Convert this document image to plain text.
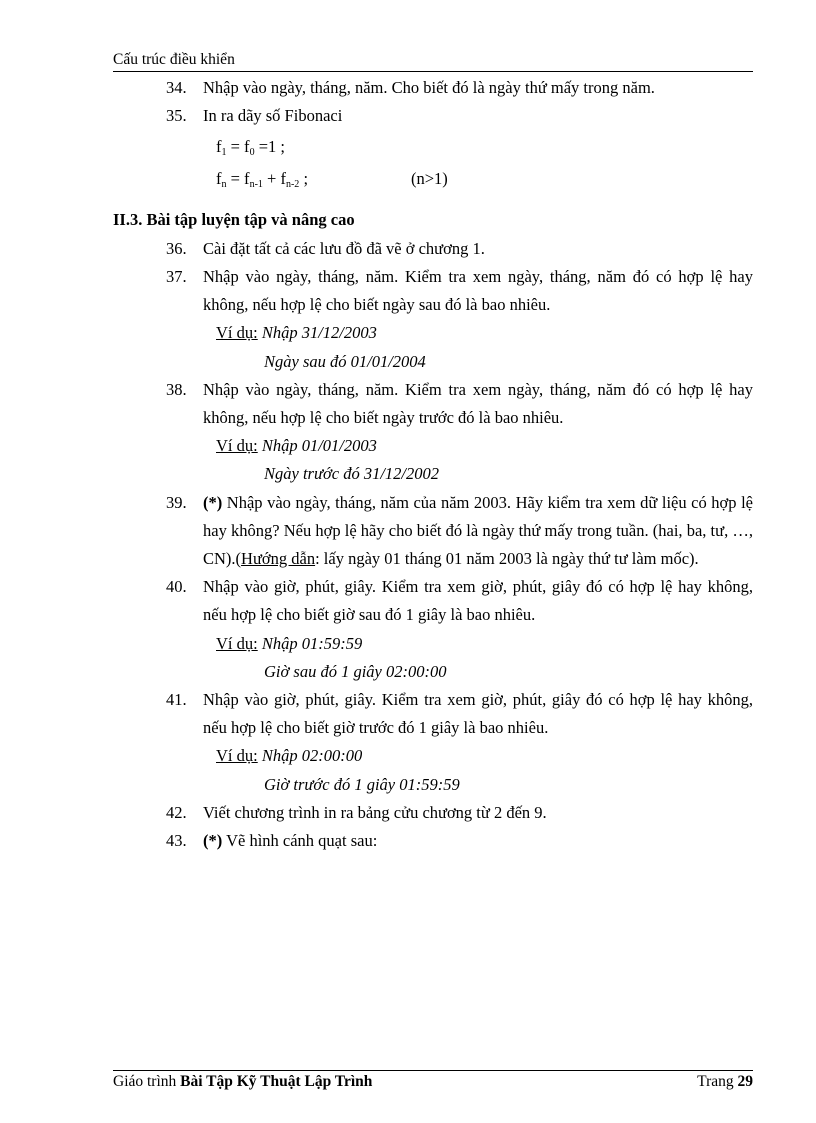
Cấu trúc điều khiển
34. Nhập vào ngày, tháng, năm. Cho biết đó là ngày thứ mấy trong năm.
35. In ra dãy số Fibonaci
$f_1 = f_0 =1$ ;
$f_n = f_{n-1} + f_{n-2}$ ;	(n>1)
II.3. Bài tập luyện tập và nâng cao
36. Cài đặt tất cả các lưu đồ đã vẽ ở chương 1.
37. Nhập vào ngày, tháng, năm. Kiểm tra xem ngày, tháng, năm đó có hợp lệ hay không, nếu hợp lệ cho biết ngày sau đó là bao nhiêu.
Ví dụ: Nhập 31/12/2003
Ngày sau đó 01/01/2004
38. Nhập vào ngày, tháng, năm. Kiểm tra xem ngày, tháng, năm đó có hợp lệ hay không, nếu hợp lệ cho biết ngày trước đó là bao nhiêu.
Ví dụ: Nhập 01/01/2003
Ngày trước đó 31/12/2002
39. (*) Nhập vào ngày, tháng, năm của năm 2003. Hãy kiểm tra xem dữ liệu có hợp lệ hay không? Nếu hợp lệ hãy cho biết đó là ngày thứ mấy trong tuần. (hai, ba, tư, …, CN).(Hướng dẫn: lấy ngày 01 tháng 01 năm 2003 là ngày thứ tư làm mốc).
40. Nhập vào giờ, phút, giây. Kiểm tra xem giờ, phút, giây đó có hợp lệ hay không, nếu hợp lệ cho biết giờ sau đó 1 giây là bao nhiêu.
Ví dụ: Nhập 01:59:59
Giờ sau đó 1 giây 02:00:00
41. Nhập vào giờ, phút, giây. Kiểm tra xem giờ, phút, giây đó có hợp lệ hay không, nếu hợp lệ cho biết giờ trước đó 1 giây là bao nhiêu.
Ví dụ: Nhập 02:00:00
Giờ trước đó 1 giây 01:59:59
42. Viết chương trình in ra bảng cửu chương từ 2 đến 9.
43. (*) Vẽ hình cánh quạt sau:
Giáo trình Bài Tập Kỹ Thuật Lập Trình	Trang 29
